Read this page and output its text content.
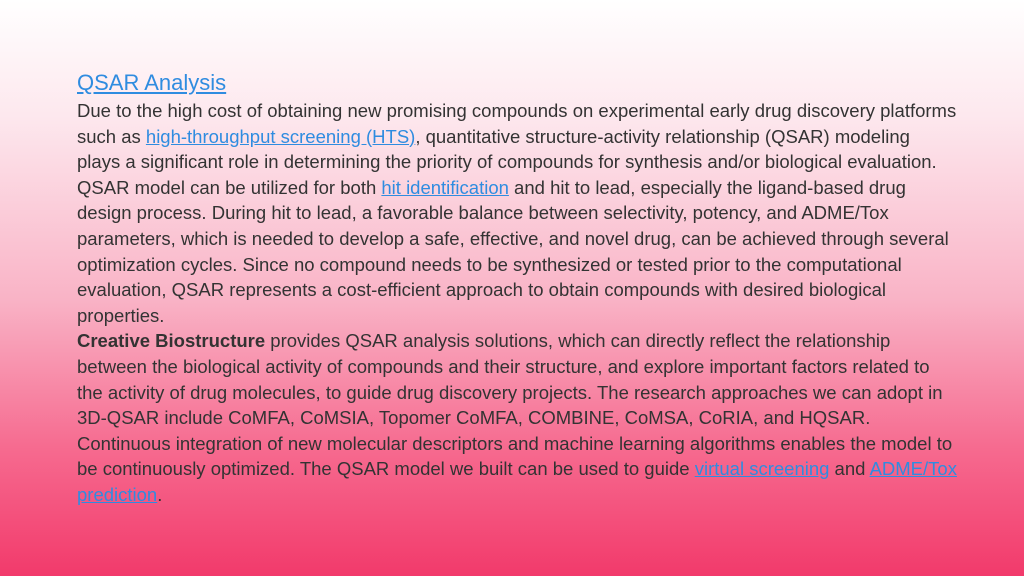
QSAR Analysis

Due to the high cost of obtaining new promising compounds on experimental early drug discovery platforms such as high-throughput screening (HTS), quantitative structure-activity relationship (QSAR) modeling plays a significant role in determining the priority of compounds for synthesis and/or biological evaluation. QSAR model can be utilized for both hit identification and hit to lead, especially the ligand-based drug design process. During hit to lead, a favorable balance between selectivity, potency, and ADME/Tox parameters, which is needed to develop a safe, effective, and novel drug, can be achieved through several optimization cycles. Since no compound needs to be synthesized or tested prior to the computational evaluation, QSAR represents a cost-efficient approach to obtain compounds with desired biological properties.

Creative Biostructure provides QSAR analysis solutions, which can directly reflect the relationship between the biological activity of compounds and their structure, and explore important factors related to the activity of drug molecules, to guide drug discovery projects. The research approaches we can adopt in 3D-QSAR include CoMFA, CoMSIA, Topomer CoMFA, COMBINE, CoMSA, CoRIA, and HQSAR. Continuous integration of new molecular descriptors and machine learning algorithms enables the model to be continuously optimized. The QSAR model we built can be used to guide virtual screening and ADME/Tox prediction.
